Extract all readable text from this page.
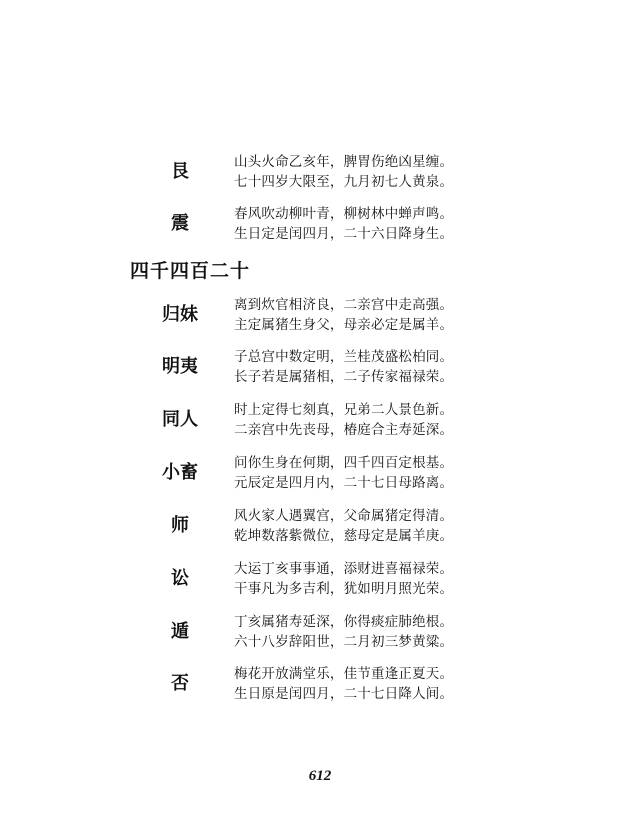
艮	山头火命乙亥年，脾胃伤绝凶星缠。
七十四岁大限至，九月初七人黄泉。
震	春风吹动柳叶青，柳树林中蝉声鸣。
生日定是闰四月，二十六日降身生。
四千四百二十
归妹	离到炊官相济良，二亲宫中走高强。
主定属猪生身父，母亲必定是属羊。
明夷	子总宫中数定明，兰桂茂盛松柏同。
长子若是属猪相，二子传家福禄荣。
同人	时上定得七刻真，兄弟二人景色新。
二亲宫中先丧母，椿庭合主寿延深。
小畜	问你生身在何期，四千四百定根基。
元辰定是四月内，二十七日母路离。
师	风火家人遇翼宫，父命属猪定得清。
乾坤数落紫微位，慈母定是属羊庚。
讼	大运丁亥事事通，添财进喜福禄荣。
干事凡为多吉利，犹如明月照光荣。
遁	丁亥属猪寿延深，你得痰症肺绝根。
六十八岁辞阳世，二月初三梦黄粱。
否	梅花开放满堂乐，佳节重逢正夏天。
生日原是闰四月，二十七日降人间。
612
